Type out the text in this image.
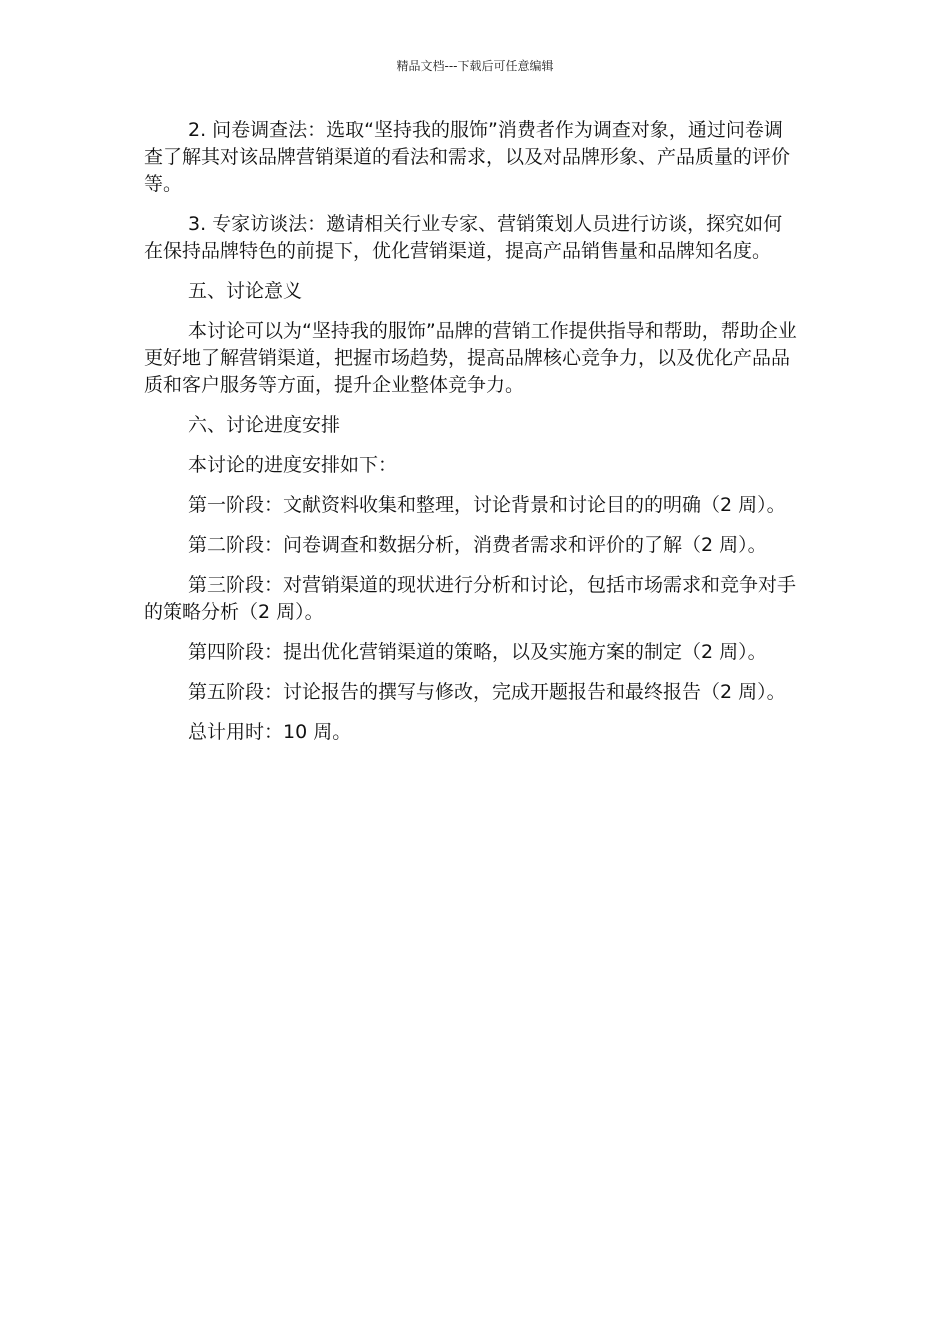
精品文档---下载后可任意编辑

2. 问卷调查法：选取“坚持我的服饰”消费者作为调查对象，通过问卷调查了解其对该品牌营销渠道的看法和需求，以及对品牌形象、产品质量的评价等。

3. 专家访谈法：邀请相关行业专家、营销策划人员进行访谈，探究如何在保持品牌特色的前提下，优化营销渠道，提高产品销售量和品牌知名度。

五、讨论意义

本讨论可以为“坚持我的服饰”品牌的营销工作提供指导和帮助，帮助企业更好地了解营销渠道，把握市场趋势，提高品牌核心竞争力，以及优化产品品质和客户服务等方面，提升企业整体竞争力。

六、讨论进度安排

本讨论的进度安排如下：

第一阶段：文献资料收集和整理，讨论背景和讨论目的的明确（2 周）。

第二阶段：问卷调查和数据分析，消费者需求和评价的了解（2 周）。

第三阶段：对营销渠道的现状进行分析和讨论，包括市场需求和竞争对手的策略分析（2 周）。

第四阶段：提出优化营销渠道的策略，以及实施方案的制定（2 周）。

第五阶段：讨论报告的撰写与修改，完成开题报告和最终报告（2 周）。

总计用时：10 周。
